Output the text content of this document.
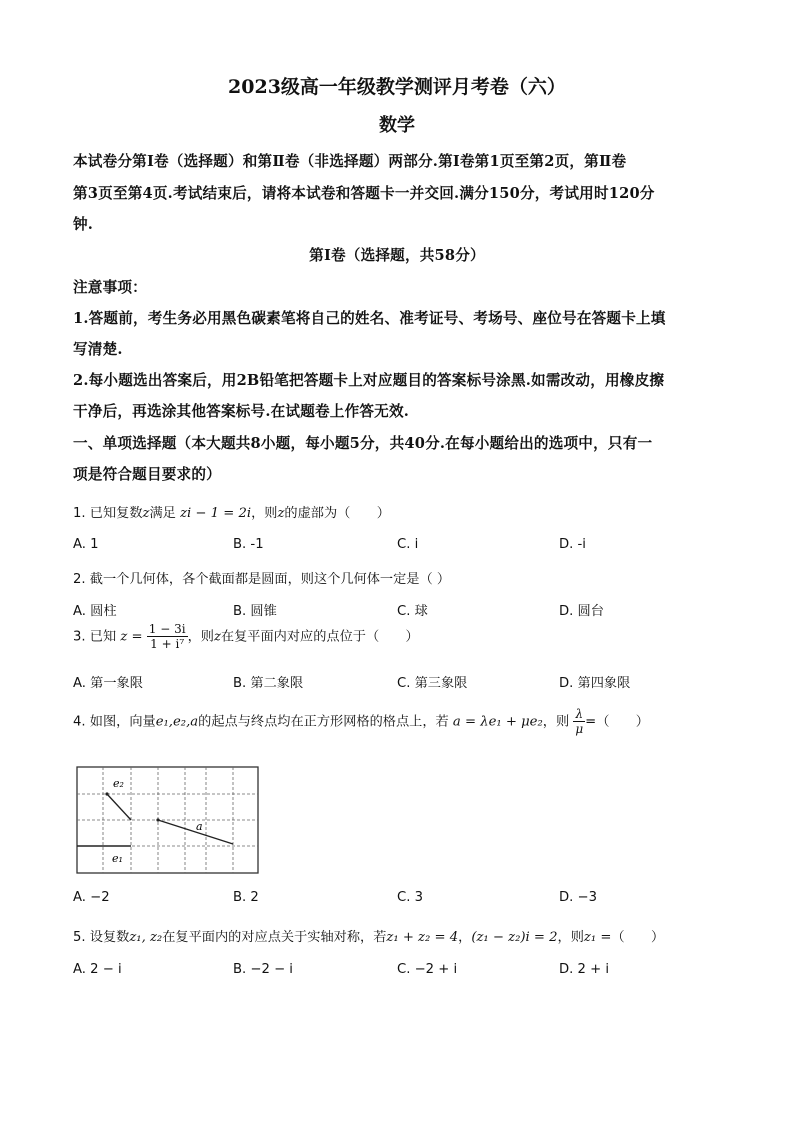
2023级高一年级教学测评月考卷（六）
数学
本试卷分第Ⅰ卷（选择题）和第Ⅱ卷（非选择题）两部分.第Ⅰ卷第1页至第2页，第Ⅱ卷
第3页至第4页.考试结束后，请将本试卷和答题卡一并交回.满分150分，考试用时120分
钟.
第Ⅰ卷（选择题，共58分）
注意事项：
1.答题前，考生务必用黑色碳素笔将自己的姓名、准考证号、考场号、座位号在答题卡上填
写清楚.
2.每小题选出答案后，用2B铅笔把答题卡上对应题目的答案标号涂黑.如需改动，用橡皮擦
干净后，再选涂其他答案标号.在试题卷上作答无效.
一、单项选择题（本大题共8小题，每小题5分，共40分.在每小题给出的选项中，只有一
项是符合题目要求的）
1. 已知复数z满足 zi − 1 = 2i，则z的虚部为（　　）
A. 1	B. -1	C. i	D. -i
2. 截一个几何体，各个截面都是圆面，则这个几何体一定是（ ）
A. 圆柱	B. 圆锥	C. 球	D. 圆台
3. 已知 $z = \frac{1 - 3i}{\text{1 + i⁷}}$ ，则z在复平面内对应的点位于（　　）
A. 第一象限	B. 第二象限	C. 第三象限	D. 第四象限
4. 如图，向量e₁,e₂,a的起点与终点均在正方形网格的格点上，若 a = λe₁ + μe₂，则 $\frac{\lambda}{\mu}$ =（　　）
e₂
a
e₁
A. −2	B. 2	C. 3	D. −3
5. 设复数z₁, z₂在复平面内的对应点关于实轴对称，若z₁ + z₂ = 4，(z₁ − z₂)i = 2，则z₁ =（　　）
A. 2 − i	B. −2 − i	C. −2 + i	D. 2 + i
